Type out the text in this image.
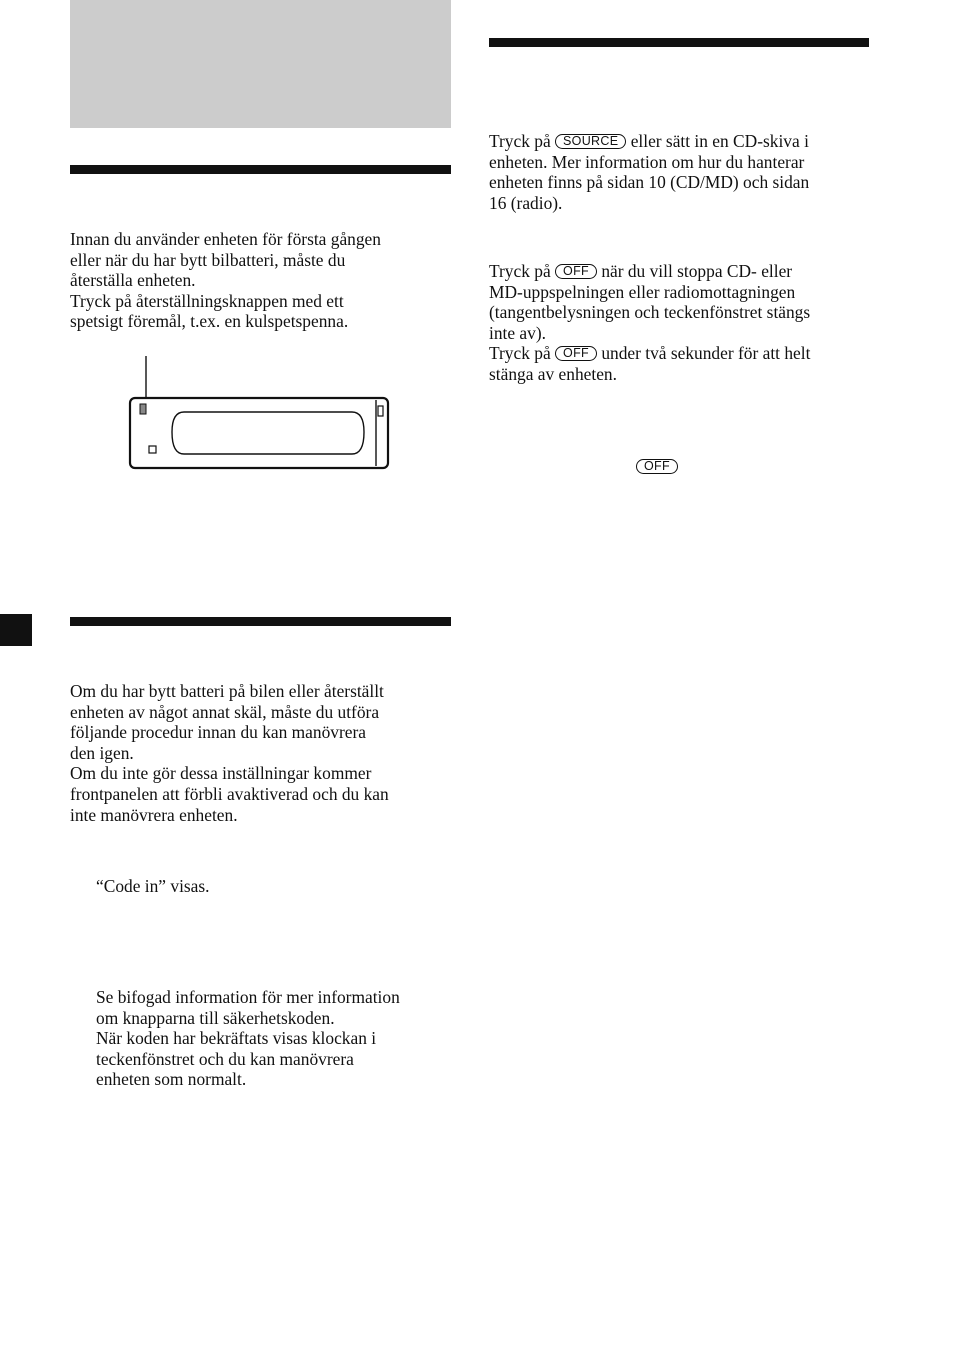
Innan du använder enheten för första gången

eller när du har bytt bilbatteri, måste du

återställa enheten.

Tryck på återställningsknappen med ett

spetsigt föremål, t.ex. en kulspetspenna.

Om du har bytt batteri på bilen eller återställt

enheten av något annat skäl, måste du utföra

följande procedur innan du kan manövrera

den igen.

Om du inte gör dessa inställningar kommer

frontpanelen att förbli avaktiverad och du kan

inte manövrera enheten.

“Code in” visas.

Se bifogad information för mer information

om knapparna till säkerhetskoden.

När koden har bekräftats visas klockan i

teckenfönstret och du kan manövrera

enheten som normalt.

Tryck på SOURCE eller sätt in en CD-skiva i

enheten. Mer information om hur du hanterar

enheten finns på sidan 10 (CD/MD) och sidan

16 (radio).

Tryck på OFF när du vill stoppa CD- eller

MD-uppspelningen eller radiomottagningen

(tangentbelysningen och teckenfönstret stängs

inte av).

Tryck på OFF under två sekunder för att helt

stänga av enheten.

OFF
